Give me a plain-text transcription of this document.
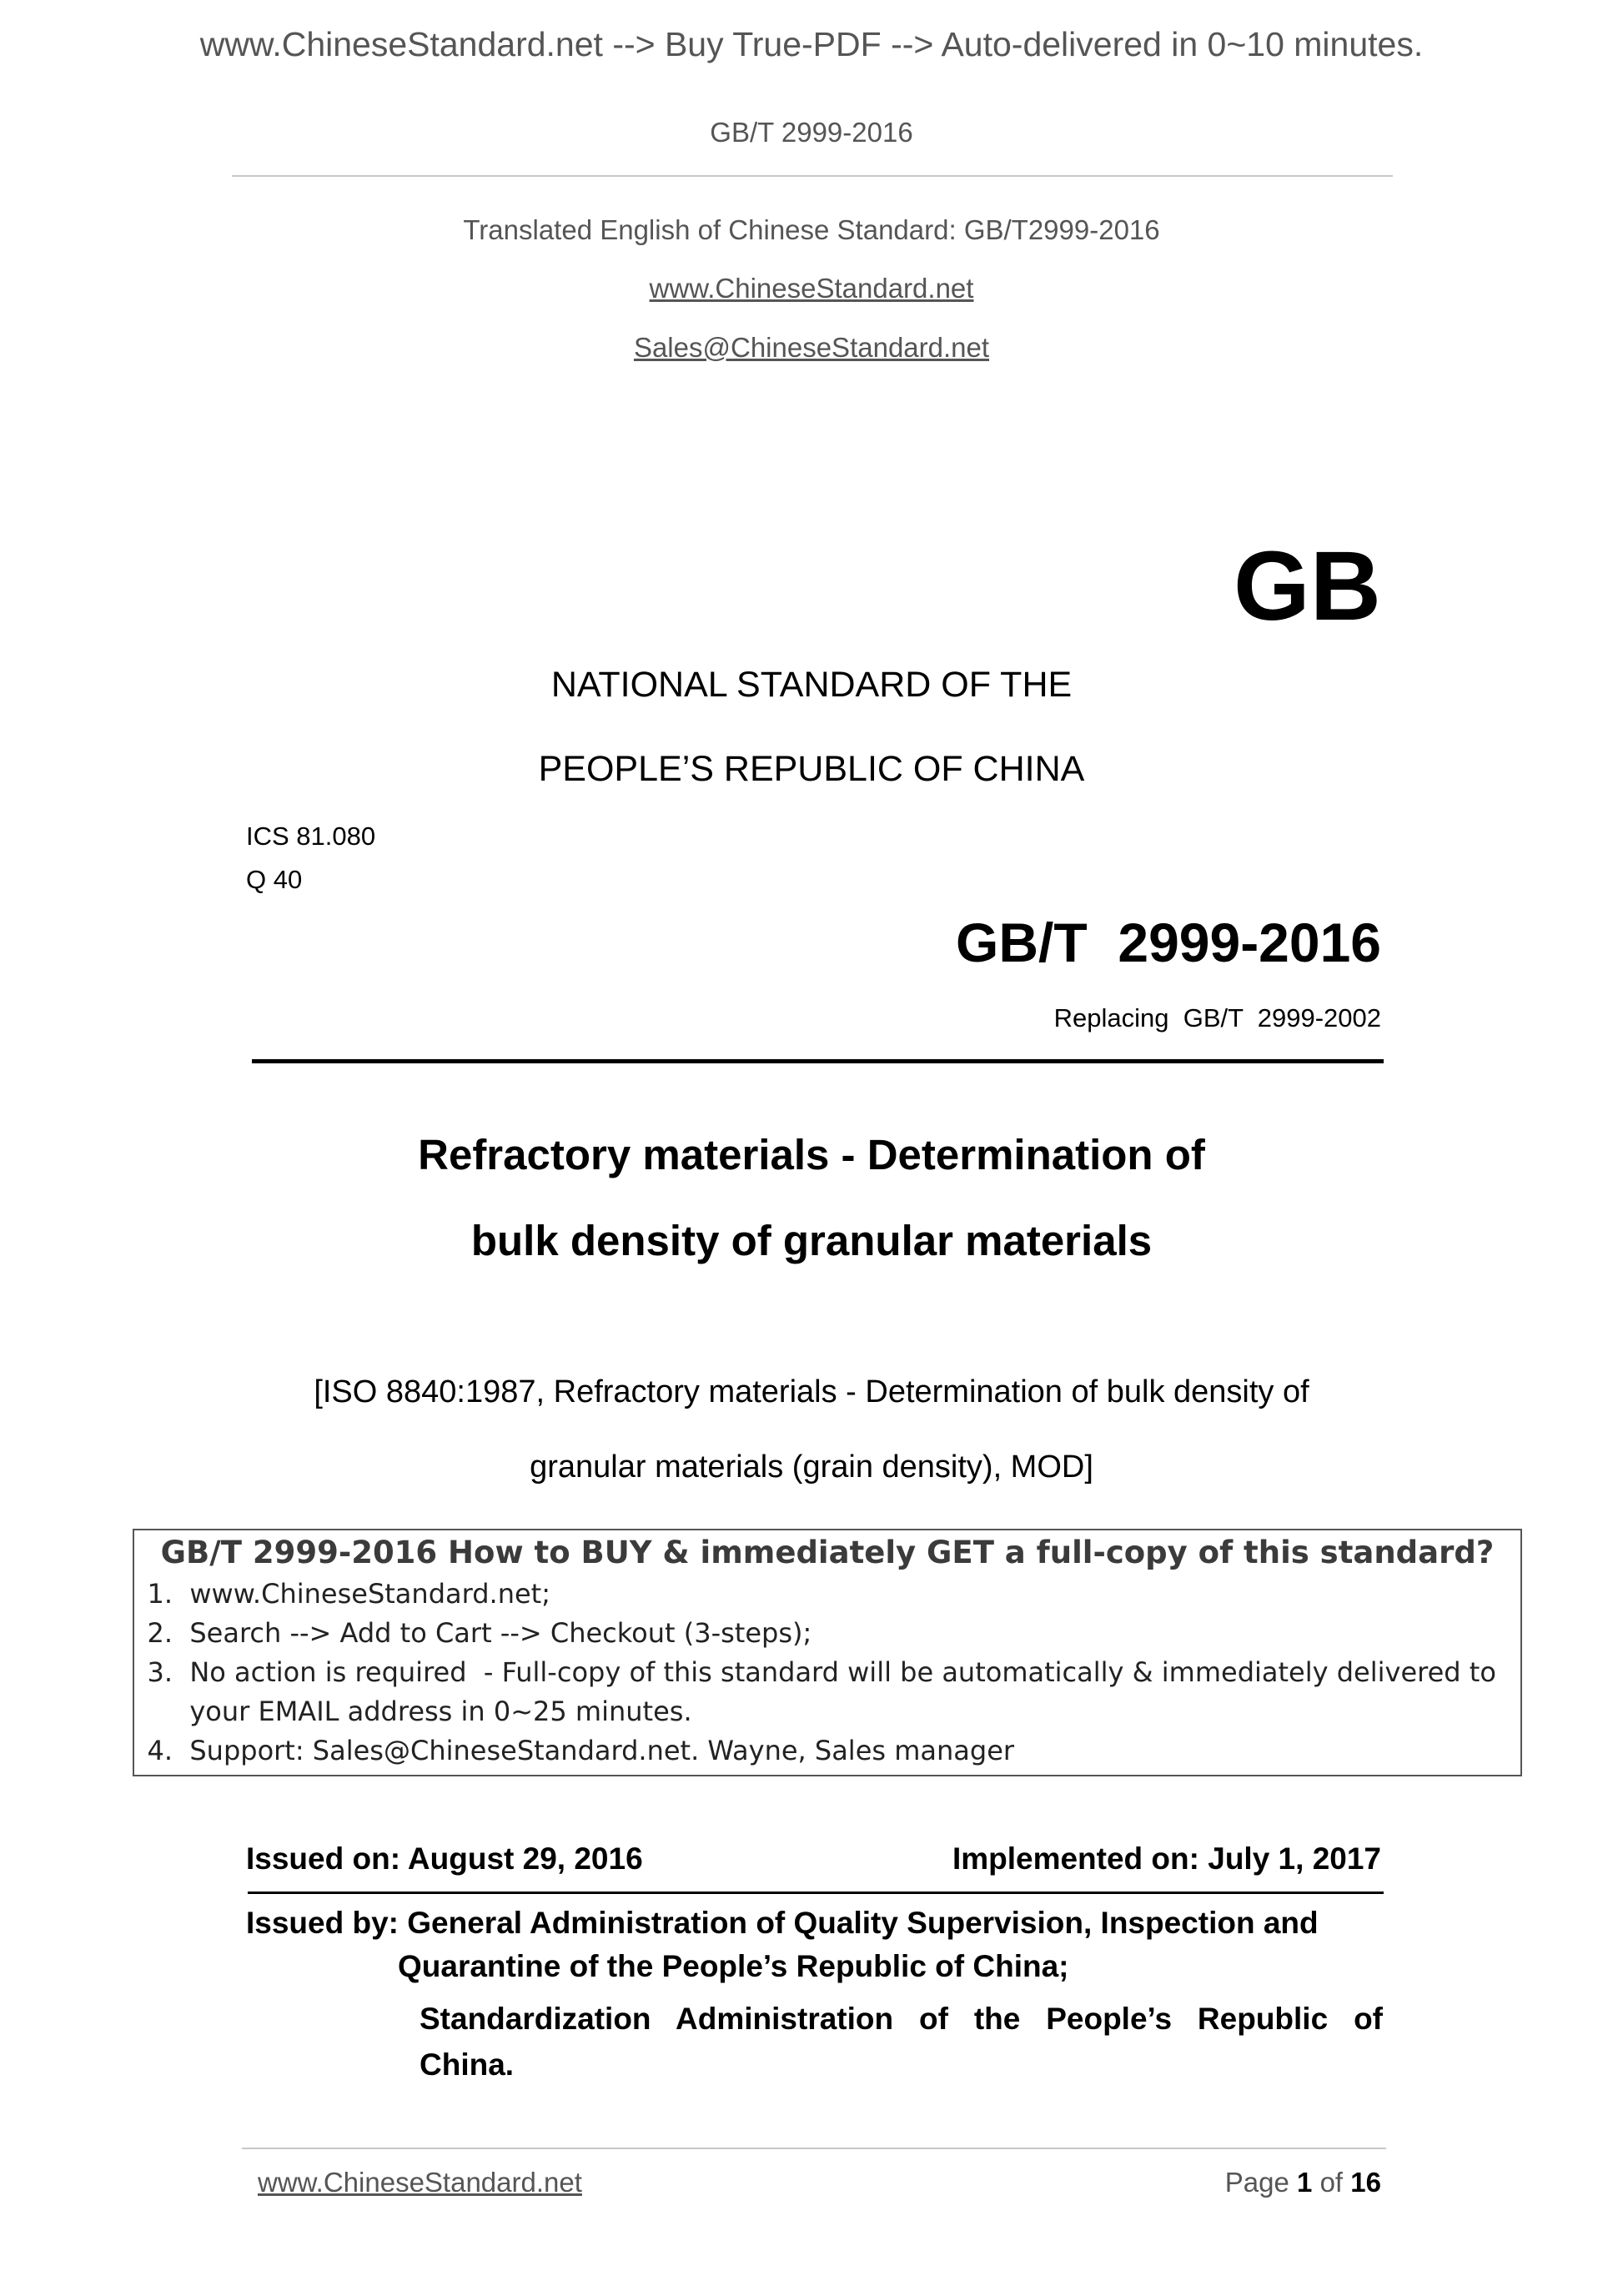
www.ChineseStandard.net --> Buy True-PDF --> Auto-delivered in 0~10 minutes.
GB/T 2999-2016
Translated English of Chinese Standard: GB/T2999-2016
www.ChineseStandard.net
Sales@ChineseStandard.net
GB
NATIONAL STANDARD OF THE
PEOPLE’S REPUBLIC OF CHINA
ICS 81.080
Q 40
GB/T  2999-2016
Replacing  GB/T  2999-2002
Refractory materials - Determination of
bulk density of granular materials
[ISO 8840:1987, Refractory materials - Determination of bulk density of
granular materials (grain density), MOD]
GB/T 2999-2016 How to BUY & immediately GET a full-copy of this standard?
1. www.ChineseStandard.net;
2. Search --> Add to Cart --> Checkout (3-steps);
3. No action is required  - Full-copy of this standard will be automatically & immediately delivered to
your EMAIL address in 0~25 minutes.
4. Support: Sales@ChineseStandard.net. Wayne, Sales manager
Issued on: August 29, 2016	Implemented on: July 1, 2017
Issued by: General Administration of Quality Supervision, Inspection and
Quarantine of the People’s Republic of China;
Standardization Administration of the People’s Republic of
China.
www.ChineseStandard.net	Page 1 of 16
